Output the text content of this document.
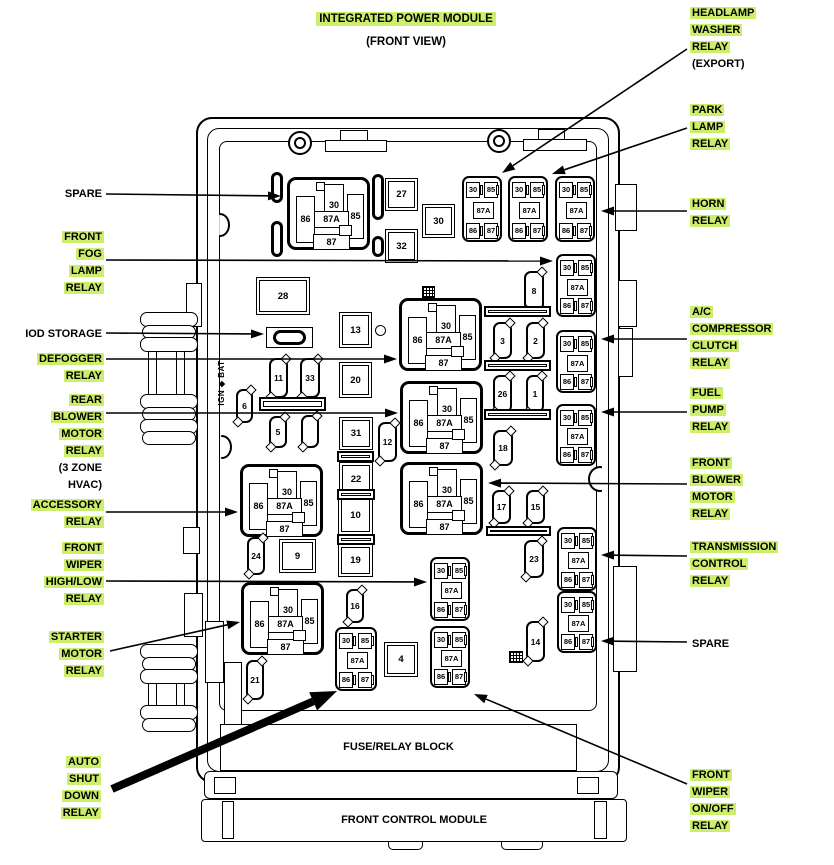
FUSE/RELAY BLOCK
FRONT CONTROL MODULE
INTEGRATED POWER MODULE
(FRONT VIEW)
30
86	85
87A
87
30
86	85
87A
87
30
86	85
87A
87
30
86	85
87A
87
30
86	85
87A
87
30
86	85
87A
87
30	85
87A
86	87
30	85
87A
86	87
30	85
87A
86	87
30	85
87A
86	87
30	85
87A
86	87
30	85
87A
86	87
30	85
87A
86	87
30	85
87A
86	87
30	85
87A
86	87
30	85
87A
86	87
30	85
87A
86	87
6
11	33
5
12
24
21
16
8
3	2
26	1
18
17	15
23
14
27
30
32
28
13
20
31
22
10
19
9
4
IGN ◆ BAT
SPARE
FRONT
FOG
LAMP
RELAY
IOD STORAGE
DEFOGGER
RELAY
REAR
BLOWER
MOTOR
RELAY
(3 ZONE
HVAC)
ACCESSORY
RELAY
FRONT
WIPER
HIGH/LOW
RELAY
STARTER
MOTOR
RELAY
AUTO
SHUT
DOWN
RELAY
HEADLAMP
WASHER
RELAY
(EXPORT)
PARK
LAMP
RELAY
HORN
RELAY
A/C
COMPRESSOR
CLUTCH
RELAY
FUEL
PUMP
RELAY
FRONT
BLOWER
MOTOR
RELAY
TRANSMISSION
CONTROL
RELAY
SPARE
FRONT
WIPER
ON/OFF
RELAY
